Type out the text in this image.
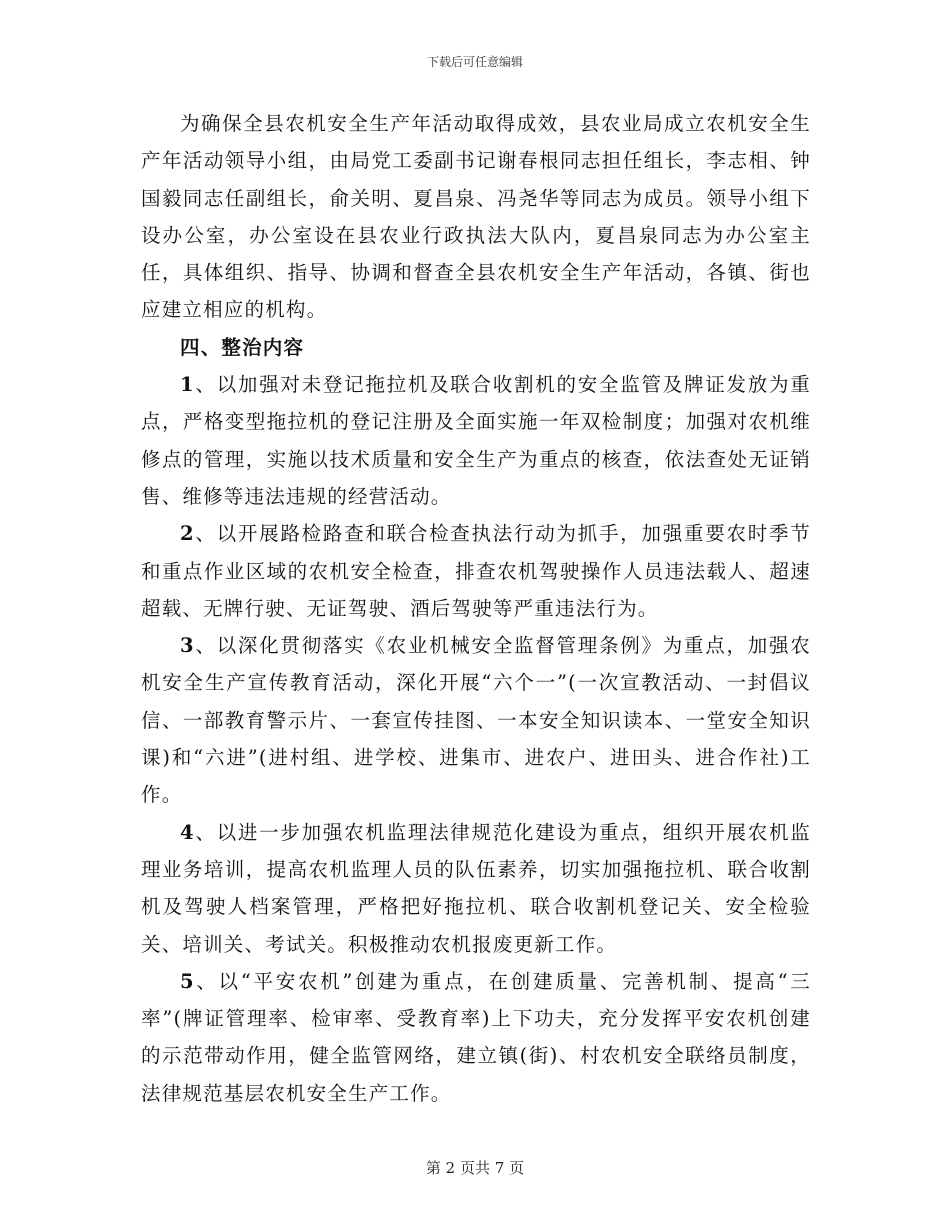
下载后可任意编辑

为确保全县农机安全生产年活动取得成效，县农业局成立农机安全生产年活动领导小组，由局党工委副书记谢春根同志担任组长，李志相、钟国毅同志任副组长，俞关明、夏昌泉、冯尧华等同志为成员。领导小组下设办公室，办公室设在县农业行政执法大队内，夏昌泉同志为办公室主任，具体组织、指导、协调和督查全县农机安全生产年活动，各镇、街也应建立相应的机构。

四、整治内容

1、以加强对未登记拖拉机及联合收割机的安全监管及牌证发放为重点，严格变型拖拉机的登记注册及全面实施一年双检制度；加强对农机维修点的管理，实施以技术质量和安全生产为重点的核查，依法查处无证销售、维修等违法违规的经营活动。

2、以开展路检路查和联合检查执法行动为抓手，加强重要农时季节和重点作业区域的农机安全检查，排查农机驾驶操作人员违法载人、超速超载、无牌行驶、无证驾驶、酒后驾驶等严重违法行为。

3、以深化贯彻落实《农业机械安全监督管理条例》为重点，加强农机安全生产宣传教育活动，深化开展“六个一”(一次宣教活动、一封倡议信、一部教育警示片、一套宣传挂图、一本安全知识读本、一堂安全知识课)和“六进”(进村组、进学校、进集市、进农户、进田头、进合作社)工作。

4、以进一步加强农机监理法律规范化建设为重点，组织开展农机监理业务培训，提高农机监理人员的队伍素养，切实加强拖拉机、联合收割机及驾驶人档案管理，严格把好拖拉机、联合收割机登记关、安全检验关、培训关、考试关。积极推动农机报废更新工作。

5、以“平安农机”创建为重点，在创建质量、完善机制、提高“三率”(牌证管理率、检审率、受教育率)上下功夫，充分发挥平安农机创建的示范带动作用，健全监管网络，建立镇(街)、村农机安全联络员制度，法律规范基层农机安全生产工作。

第 2 页共 7 页
